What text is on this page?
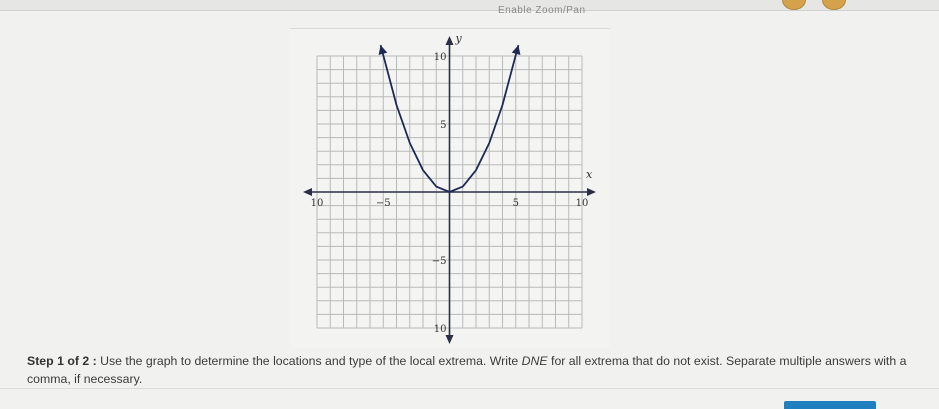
Enable Zoom/Pan
x
y
10	−5	5	10
10
5
−5
10
Step 1 of 2 : Use the graph to determine the locations and type of the local extrema. Write DNE for all extrema that do not exist. Separate multiple answers with a comma, if necessary.
